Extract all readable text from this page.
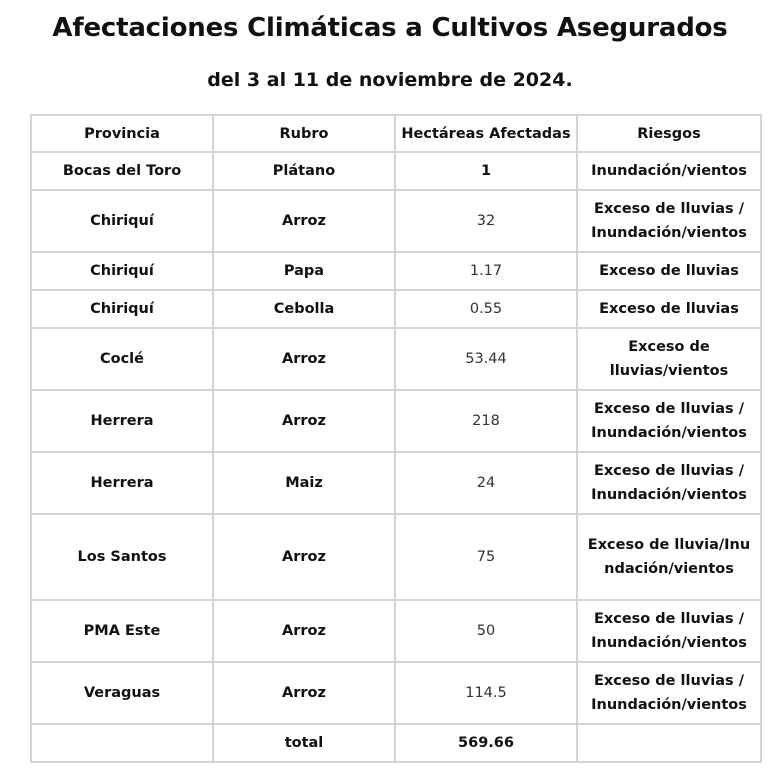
Afectaciones Climáticas a Cultivos Asegurados
del 3 al 11 de noviembre de 2024.
Provincia	Rubro	Hectáreas Afectadas	Riesgos
Bocas del Toro	Plátano	1	Inundación/vientos
Chiriquí	Arroz	32	Exceso de lluvias / Inundación/vientos
Chiriquí	Papa	1.17	Exceso de lluvias
Chiriquí	Cebolla	0.55	Exceso de lluvias
Coclé	Arroz	53.44	Exceso de lluvias/vientos
Herrera	Arroz	218	Exceso de lluvias / Inundación/vientos
Herrera	Maiz	24	Exceso de lluvias / Inundación/vientos
Los Santos	Arroz	75	Exceso de lluvia/Inundación/vientos
PMA Este	Arroz	50	Exceso de lluvias / Inundación/vientos
Veraguas	Arroz	114.5	Exceso de lluvias / Inundación/vientos
	total	569.66	
